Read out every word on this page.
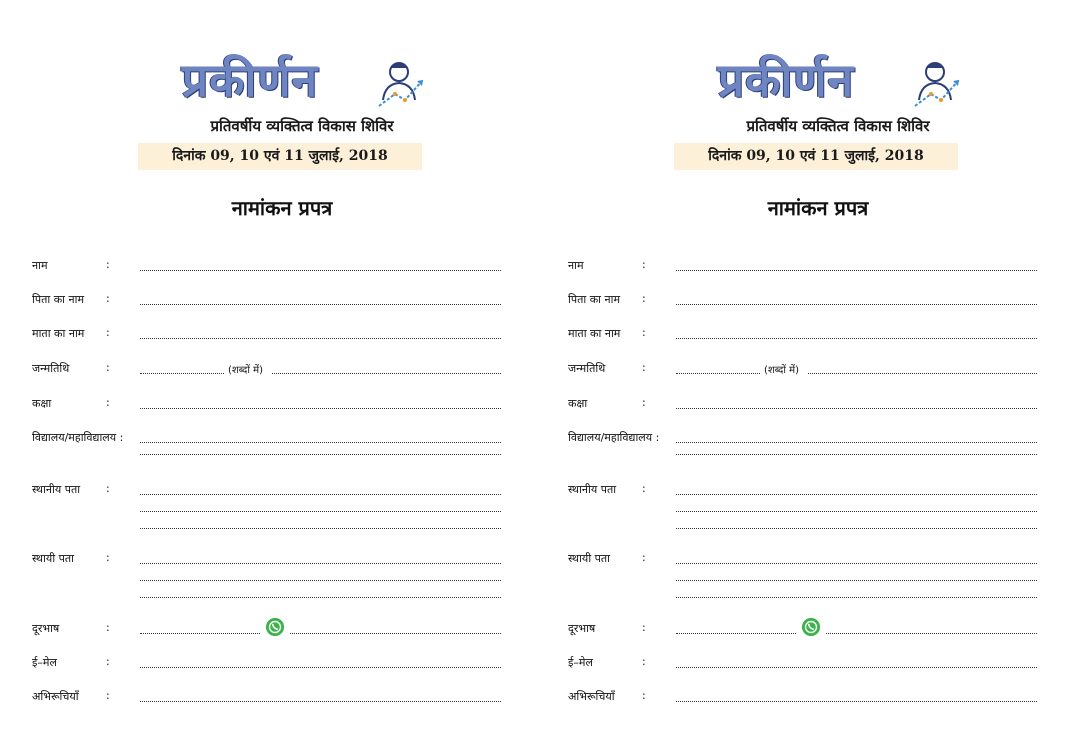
प्रकीर्णन
प्रतिवर्षीय व्यक्तित्व विकास शिविर
दिनांक 09, 10 एवं 11 जुलाई, 2018
नामांकन प्रपत्र
नाम	:
पिता का नाम :
माता का नाम :
जन्मतिथि	:	(शब्दों में)
कक्षा	:
विद्यालय/महाविद्यालय :
स्थानीय पता :
स्थायी पता	:
दूरभाष	:
ई–मेल	:
अभिरूचियाँ :
प्रकीर्णन
प्रतिवर्षीय व्यक्तित्व विकास शिविर
दिनांक 09, 10 एवं 11 जुलाई, 2018
नामांकन प्रपत्र
नाम	:
पिता का नाम :
माता का नाम :
जन्मतिथि	:	(शब्दों में)
कक्षा	:
विद्यालय/महाविद्यालय :
स्थानीय पता :
स्थायी पता	:
दूरभाष	:
ई–मेल	:
अभिरूचियाँ :
